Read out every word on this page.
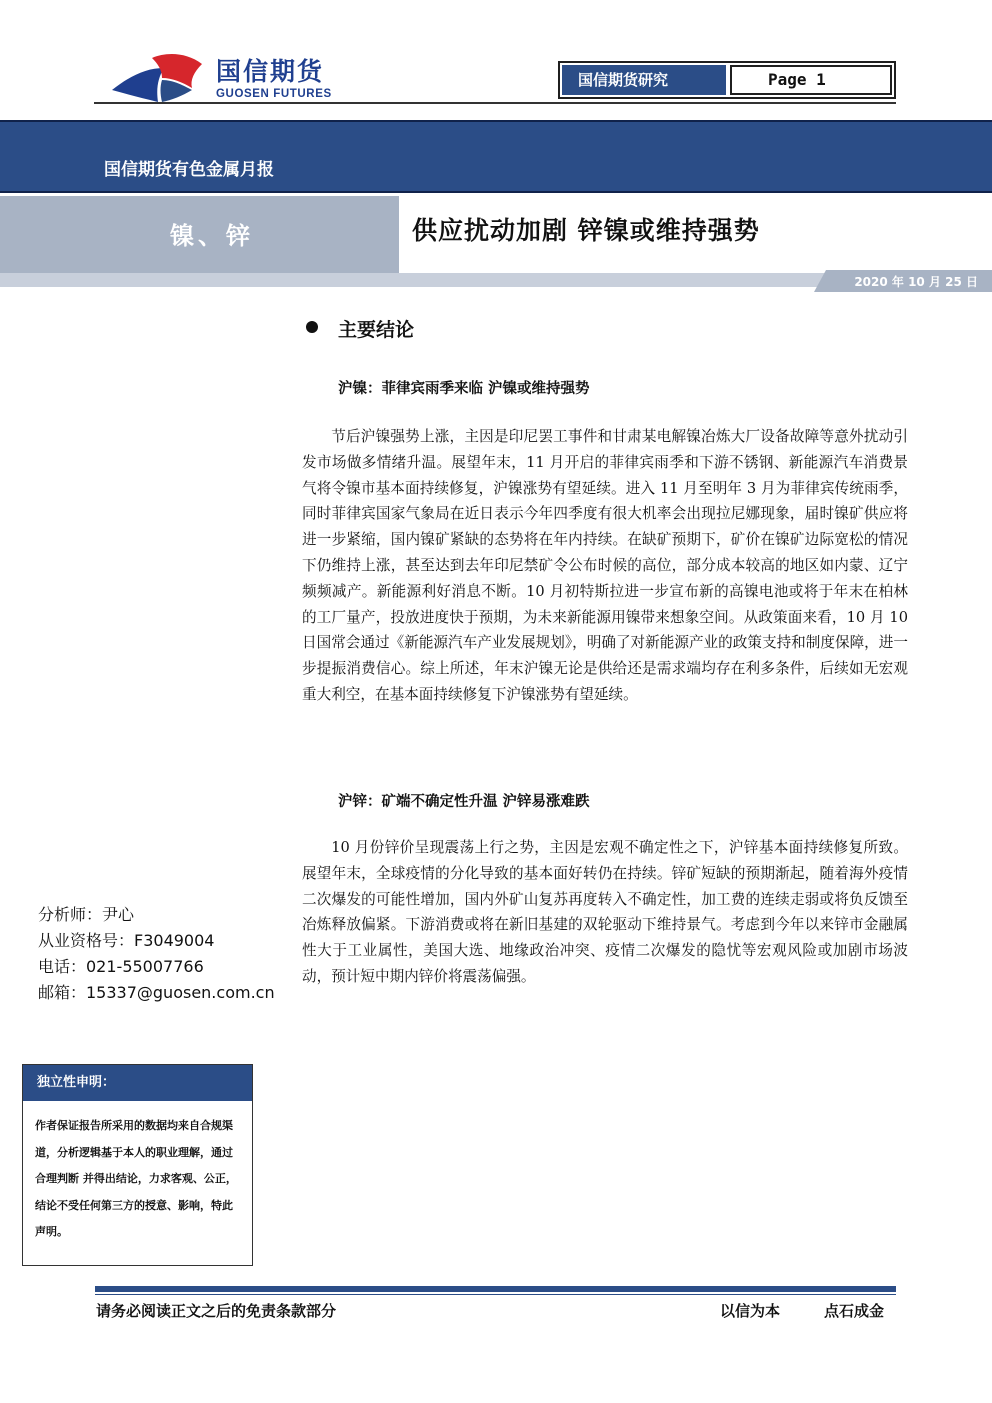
国信期货
GUOSEN FUTURES
国信期货研究	Page 1
国信期货有色金属月报
镍、锌	供应扰动加剧 锌镍或维持强势
2020 年 10 月 25 日
主要结论
沪镍：菲律宾雨季来临 沪镍或维持强势
节后沪镍强势上涨，主因是印尼罢工事件和甘肃某电解镍冶炼大厂设备故障等意外扰动引发市场做多情绪升温。展望年末，11 月开启的菲律宾雨季和下游不锈钢、新能源汽车消费景气将令镍市基本面持续修复，沪镍涨势有望延续。进入 11 月至明年 3 月为菲律宾传统雨季，同时菲律宾国家气象局在近日表示今年四季度有很大机率会出现拉尼娜现象，届时镍矿供应将进一步紧缩，国内镍矿紧缺的态势将在年内持续。在缺矿预期下，矿价在镍矿边际宽松的情况下仍维持上涨，甚至达到去年印尼禁矿令公布时候的高位，部分成本较高的地区如内蒙、辽宁频频减产。新能源利好消息不断。10 月初特斯拉进一步宣布新的高镍电池或将于年末在柏林的工厂量产，投放进度快于预期，为未来新能源用镍带来想象空间。从政策面来看，10 月 10 日国常会通过《新能源汽车产业发展规划》，明确了对新能源产业的政策支持和制度保障，进一步提振消费信心。综上所述，年末沪镍无论是供给还是需求端均存在利多条件，后续如无宏观重大利空，在基本面持续修复下沪镍涨势有望延续。
沪锌：矿端不确定性升温 沪锌易涨难跌
10 月份锌价呈现震荡上行之势，主因是宏观不确定性之下，沪锌基本面持续修复所致。展望年末，全球疫情的分化导致的基本面好转仍在持续。锌矿短缺的预期渐起，随着海外疫情二次爆发的可能性增加，国内外矿山复苏再度转入不确定性，加工费的连续走弱或将负反馈至冶炼释放偏紧。下游消费或将在新旧基建的双轮驱动下维持景气。考虑到今年以来锌市金融属性大于工业属性，美国大选、地缘政治冲突、疫情二次爆发的隐忧等宏观风险或加剧市场波动，预计短中期内锌价将震荡偏强。
分析师：尹心
从业资格号：F3049004
电话：021-55007766
邮箱：15337@guosen.com.cn
独立性申明：
作者保证报告所采用的数据均来自合规渠道，分析逻辑基于本人的职业理解，通过合理判断 并得出结论，力求客观、公正，结论不受任何第三方的授意、影响，特此声明。
请务必阅读正文之后的免责条款部分	以信为本	点石成金
